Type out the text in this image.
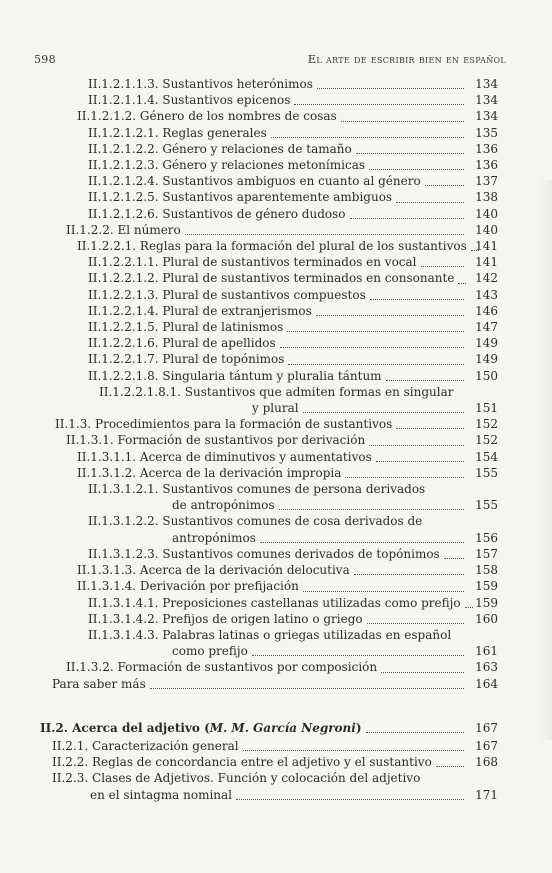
598	El arte de escribir bien en español
II.1.2.1.1.3. Sustantivos heterónimos	134
II.1.2.1.1.4. Sustantivos epicenos	134
II.1.2.1.2. Género de los nombres de cosas	134
II.1.2.1.2.1. Reglas generales	135
II.1.2.1.2.2. Género y relaciones de tamaño	136
II.1.2.1.2.3. Género y relaciones metonímicas	136
II.1.2.1.2.4. Sustantivos ambiguos en cuanto al género	137
II.1.2.1.2.5. Sustantivos aparentemente ambiguos	138
II.1.2.1.2.6. Sustantivos de género dudoso	140
II.1.2.2. El número	140
II.1.2.2.1. Reglas para la formación del plural de los sustantivos 141
II.1.2.2.1.1. Plural de sustantivos terminados en vocal	141
II.1.2.2.1.2. Plural de sustantivos terminados en consonante	142
II.1.2.2.1.3. Plural de sustantivos compuestos	143
II.1.2.2.1.4. Plural de extranjerismos	146
II.1.2.2.1.5. Plural de latinismos	147
II.1.2.2.1.6. Plural de apellidos	149
II.1.2.2.1.7. Plural de topónimos	149
II.1.2.2.1.8. Singularia tántum y pluralia tántum	150
II.1.2.2.1.8.1. Sustantivos que admiten formas en singular
y plural	151
II.1.3. Procedimientos para la formación de sustantivos	152
II.1.3.1. Formación de sustantivos por derivación	152
II.1.3.1.1. Acerca de diminutivos y aumentativos	154
II.1.3.1.2. Acerca de la derivación impropia	155
II.1.3.1.2.1. Sustantivos comunes de persona derivados
de antropónimos	155
II.1.3.1.2.2. Sustantivos comunes de cosa derivados de
antropónimos	156
II.1.3.1.2.3. Sustantivos comunes derivados de topónimos	157
II.1.3.1.3. Acerca de la derivación delocutiva	158
II.1.3.1.4. Derivación por prefijación	159
II.1.3.1.4.1. Preposiciones castellanas utilizadas como prefijo	159
II.1.3.1.4.2. Prefijos de origen latino o griego	160
II.1.3.1.4.3. Palabras latinas o griegas utilizadas en español
como prefijo	161
II.1.3.2. Formación de sustantivos por composición	163
Para saber más	164
II.2. Acerca del adjetivo (M. M. García Negroni)	167
II.2.1. Caracterización general	167
II.2.2. Reglas de concordancia entre el adjetivo y el sustantivo	168
II.2.3. Clases de Adjetivos. Función y colocación del adjetivo
en el sintagma nominal	171
